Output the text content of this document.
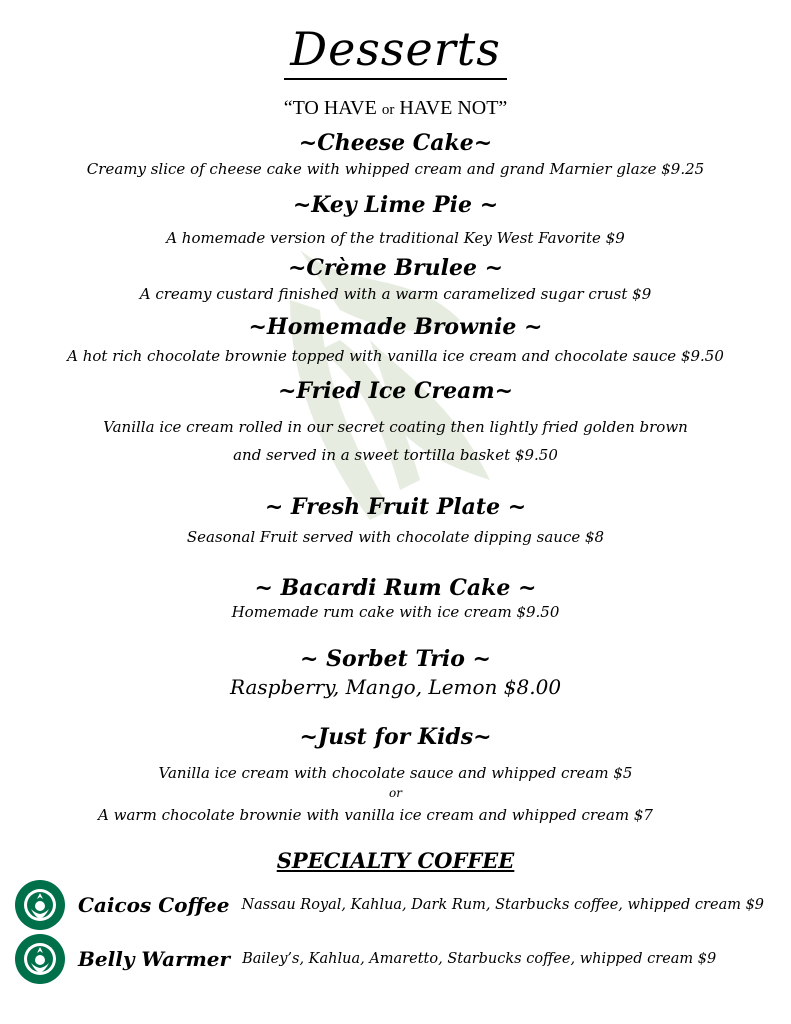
Desserts
“TO HAVE or HAVE NOT”
~Cheese Cake~
Creamy slice of cheese cake with whipped cream and grand Marnier glaze $9.25
~Key Lime Pie ~
A homemade version of the traditional Key West Favorite $9
~Crème Brulee ~
A creamy custard finished with a warm caramelized sugar crust $9
~Homemade Brownie ~
A hot rich chocolate brownie topped with vanilla ice cream and chocolate sauce $9.50
~Fried Ice Cream~
Vanilla ice cream rolled in our secret coating then lightly fried golden brown
and served in a sweet tortilla basket $9.50
~ Fresh Fruit Plate ~
Seasonal Fruit served with chocolate dipping sauce $8
~ Bacardi Rum Cake ~
Homemade rum cake with ice cream $9.50
~ Sorbet Trio ~
Raspberry, Mango, Lemon $8.00
~Just for Kids~
Vanilla ice cream with chocolate sauce and whipped cream $5
or
A warm chocolate brownie with vanilla ice cream and whipped cream $7
SPECIALTY COFFEE
Caicos Coffee Nassau Royal, Kahlua, Dark Rum, Starbucks coffee, whipped cream $9
Belly Warmer Bailey’s, Kahlua, Amaretto, Starbucks coffee, whipped cream $9
